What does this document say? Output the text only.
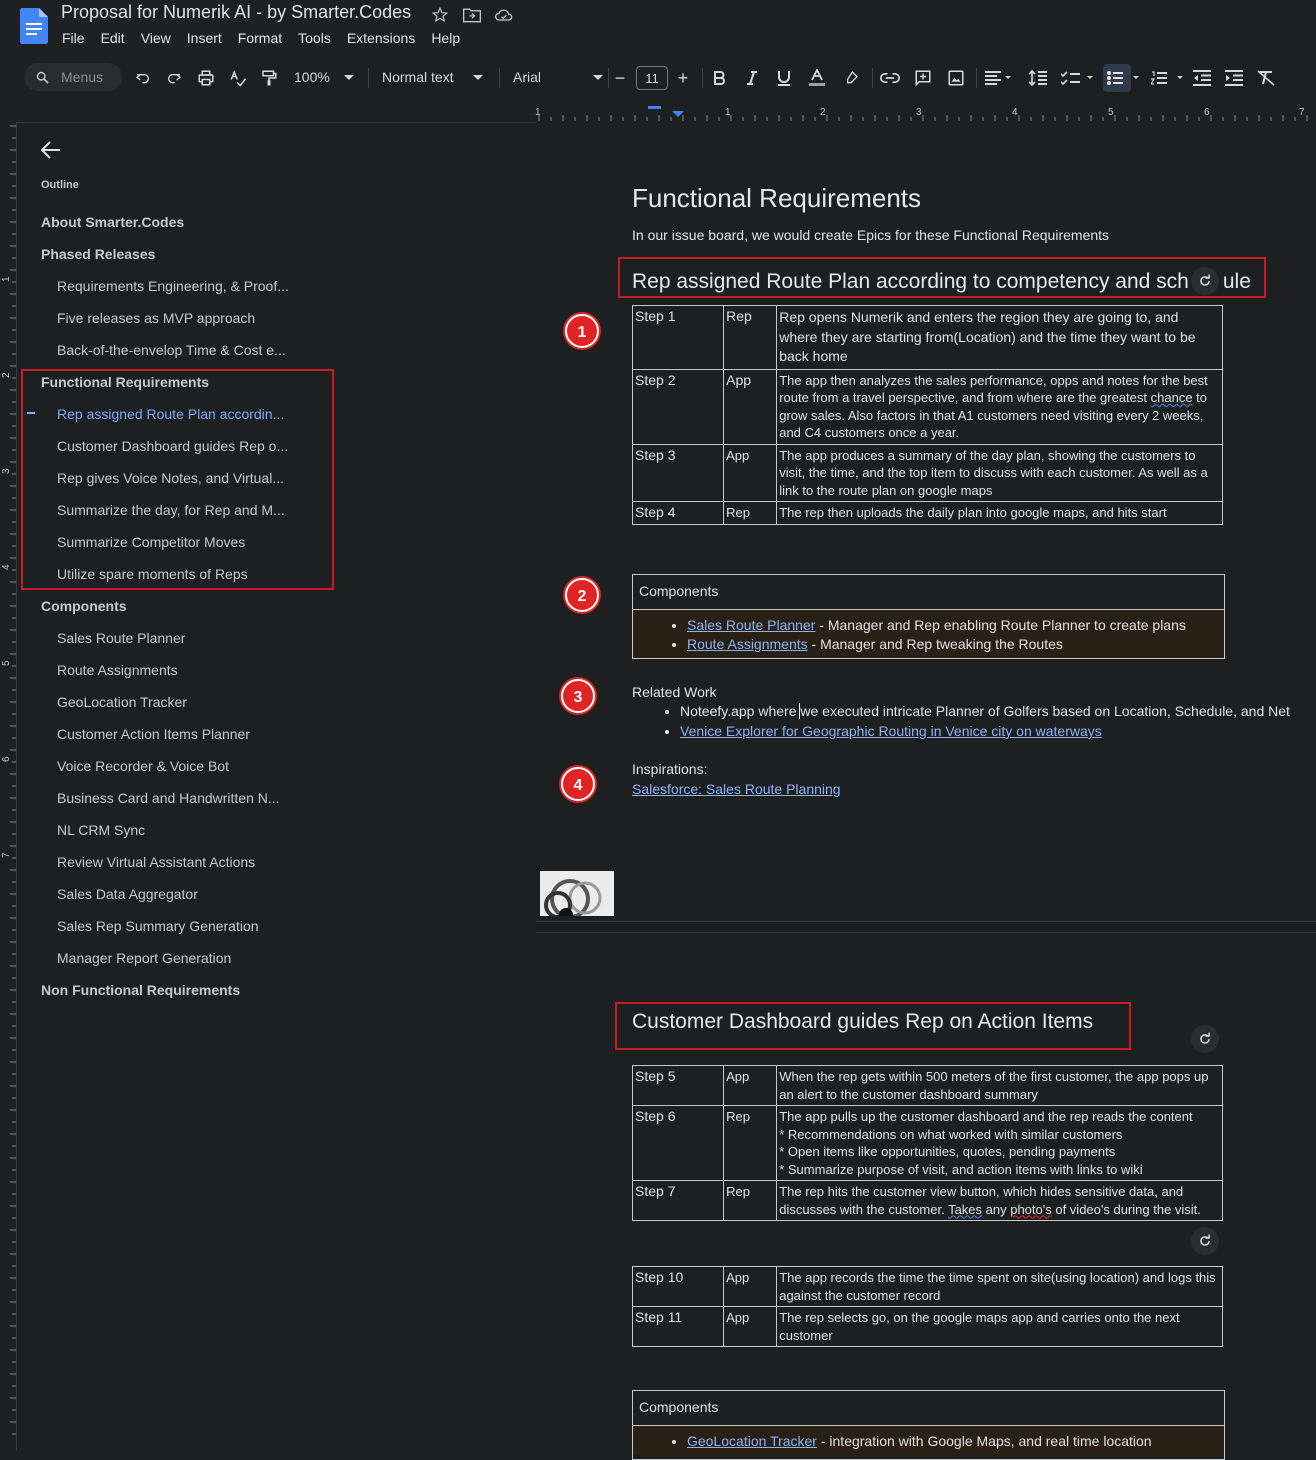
Proposal for Numerik AI - by Smarter.Codes
File Edit View Insert Format Tools Extensions Help
Menus	100%	Normal text	Arial	−	11	+
1	1	2	3	4	5	6	7
1
2
3
4
5
6
7
Outline
About Smarter.Codes
Phased Releases
Requirements Engineering, & Proof...
Five releases as MVP approach
Back-of-the-envelop Time & Cost e...
Functional Requirements
Rep assigned Route Plan accordin...
Customer Dashboard guides Rep o...
Rep gives Voice Notes, and Virtual...
Summarize the day, for Rep and M...
Summarize Competitor Moves
Utilize spare moments of Reps
Components
Sales Route Planner
Route Assignments
GeoLocation Tracker
Customer Action Items Planner
Voice Recorder & Voice Bot
Business Card and Handwritten N...
NL CRM Sync
Review Virtual Assistant Actions
Sales Data Aggregator
Sales Rep Summary Generation
Manager Report Generation
Non Functional Requirements
Functional Requirements
In our issue board, we would create Epics for these Functional Requirements
Rep assigned Route Plan according to competency and sch ule
1
2
3
4
Step 1	Rep	Rep opens Numerik and enters the region they are going to, and where they are starting from(Location) and the time they want to be back home
Step 2	App	The app then analyzes the sales performance, opps and notes for the best route from a travel perspective, and from where are the greatest chance to grow sales. Also factors in that A1 customers need visiting every 2 weeks, and C4 customers once a year.
Step 3	App	The app produces a summary of the day plan, showing the customers to visit, the time, and the top item to discuss with each customer. As well as a link to the route plan on google maps
Step 4	Rep	The rep then uploads the daily plan into google maps, and hits start
Components
• Sales Route Planner - Manager and Rep enabling Route Planner to create plans
• Route Assignments - Manager and Rep tweaking the Routes
Related Work
• Noteefy.app where we executed intricate Planner of Golfers based on Location, Schedule, and Net
• Venice Explorer for Geographic Routing in Venice city on waterways
Inspirations:
Salesforce: Sales Route Planning
Customer Dashboard guides Rep on Action Items
Step 5	App	When the rep gets within 500 meters of the first customer, the app pops up an alert to the customer dashboard summary
Step 6	Rep	The app pulls up the customer dashboard and the rep reads the content
* Recommendations on what worked with similar customers
* Open items like opportunities, quotes, pending payments
* Summarize purpose of visit, and action items with links to wiki

Step 7	Rep	The rep hits the customer view button, which hides sensitive data, and discusses with the customer. Takes any photo's of video's during the visit.
Step 10	App	The app records the time the time spent on site(using location) and logs this against the customer record
Step 11	App	The rep selects go, on the google maps app and carries onto the next customer
Components
• GeoLocation Tracker - integration with Google Maps, and real time location
